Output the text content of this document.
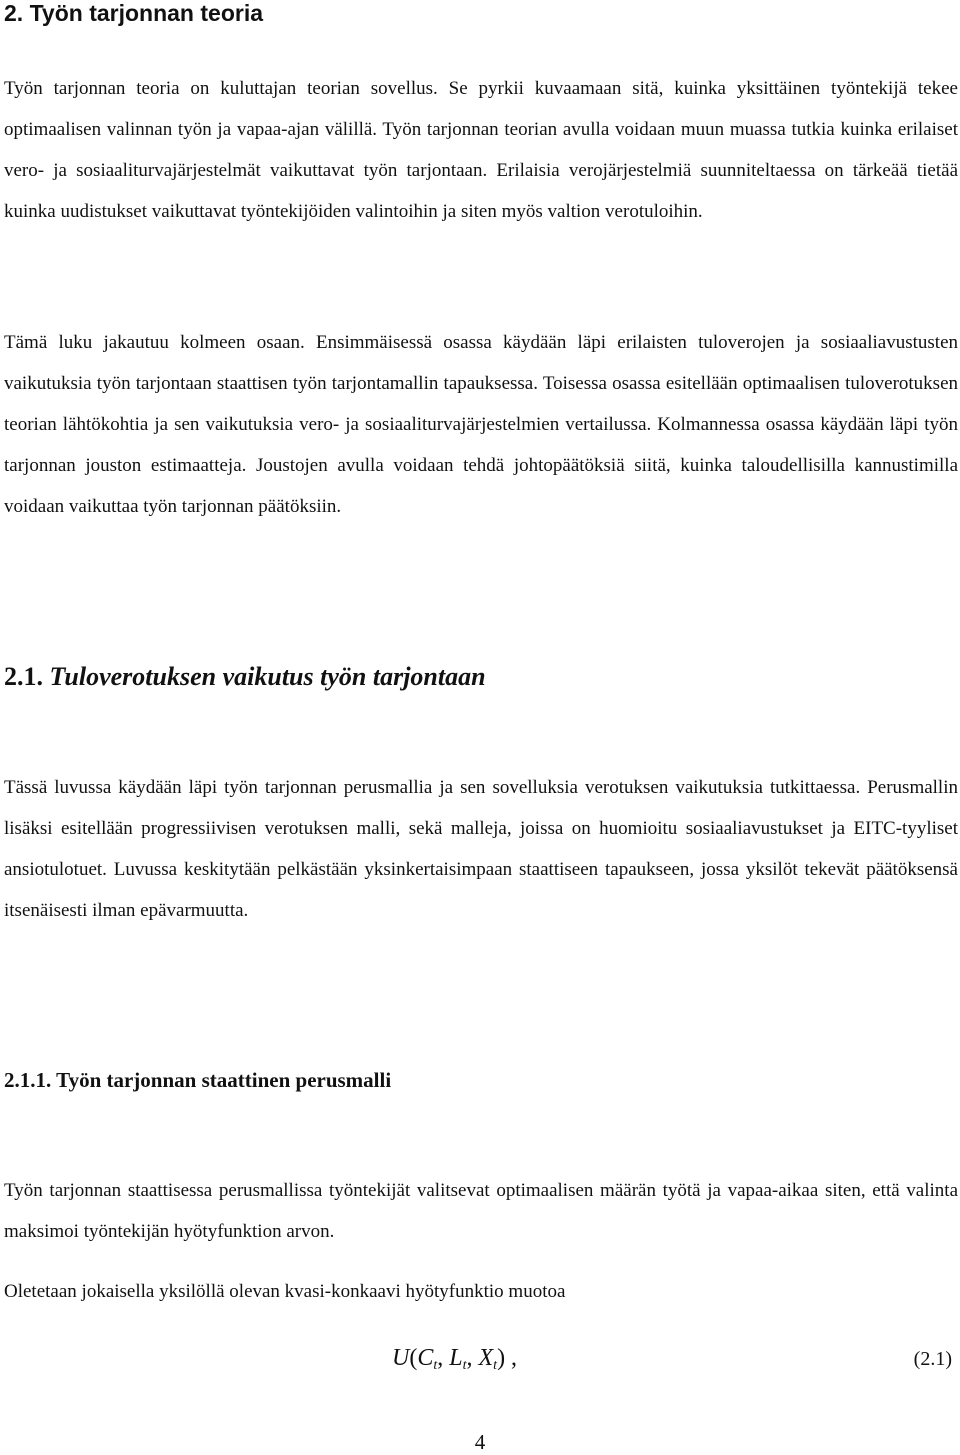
2. Työn tarjonnan teoria

Työn tarjonnan teoria on kuluttajan teorian sovellus. Se pyrkii kuvaamaan sitä, kuinka yksittäinen työntekijä tekee optimaalisen valinnan työn ja vapaa-ajan välillä. Työn tarjonnan teorian avulla voidaan muun muassa tutkia kuinka erilaiset vero- ja sosiaaliturvajärjestelmät vaikuttavat työn tarjontaan. Erilaisia verojärjestelmiä suunniteltaessa on tärkeää tietää kuinka uudistukset vaikuttavat työntekijöiden valintoihin ja siten myös valtion verotuloihin.

Tämä luku jakautuu kolmeen osaan. Ensimmäisessä osassa käydään läpi erilaisten tuloverojen ja sosiaaliavustusten vaikutuksia työn tarjontaan staattisen työn tarjontamallin tapauksessa. Toisessa osassa esitellään optimaalisen tuloverotuksen teorian lähtökohtia ja sen vaikutuksia vero- ja sosiaaliturvajärjestelmien vertailussa. Kolmannessa osassa käydään läpi työn tarjonnan jouston estimaatteja. Joustojen avulla voidaan tehdä johtopäätöksiä siitä, kuinka taloudellisilla kannustimilla voidaan vaikuttaa työn tarjonnan päätöksiin.

2.1. Tuloverotuksen vaikutus työn tarjontaan

Tässä luvussa käydään läpi työn tarjonnan perusmallia ja sen sovelluksia verotuksen vaikutuksia tutkittaessa. Perusmallin lisäksi esitellään progressiivisen verotuksen malli, sekä malleja, joissa on huomioitu sosiaaliavustukset ja EITC-tyyliset ansiotulotuet. Luvussa keskitytään pelkästään yksinkertaisimpaan staattiseen tapaukseen, jossa yksilöt tekevät päätöksensä itsenäisesti ilman epävarmuutta.

2.1.1. Työn tarjonnan staattinen perusmalli

Työn tarjonnan staattisessa perusmallissa työntekijät valitsevat optimaalisen määrän työtä ja vapaa-aikaa siten, että valinta maksimoi työntekijän hyötyfunktion arvon.

Oletetaan jokaisella yksilöllä olevan kvasi-konkaavi hyötyfunktio muotoa

$U(C_t$, $L_t$, $X_t$) ,	(2.1)
4
